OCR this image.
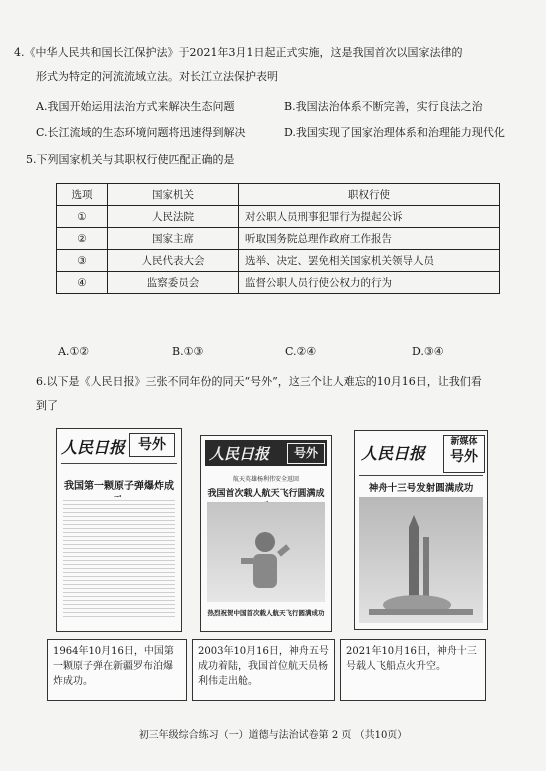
4.《中华人民共和国长江保护法》于2021年3月1日起正式实施，这是我国首次以国家法律的
形式为特定的河流流域立法。对长江立法保护表明
A.我国开始运用法治方式来解决生态问题	B.我国法治体系不断完善，实行良法之治
C.长江流域的生态环境问题将迅速得到解决	D.我国实现了国家治理体系和治理能力现代化
5.下列国家机关与其职权行使匹配正确的是
选项	国家机关	职权行使
①	人民法院	对公职人员刑事犯罪行为提起公诉
②	国家主席	听取国务院总理作政府工作报告
③	人民代表大会	选举、决定、罢免相关国家机关领导人员
④	监察委员会	监督公职人员行使公权力的行为
A.①②	B.①③	C.②④	D.③④
6.以下是《人民日报》三张不同年份的同天“号外”，这三个让人难忘的10月16日，让我们看
到了
人民日报 号外
我国第一颗原子弹爆炸成
人民日报	号外
航天英雄杨利伟安全返回
我国首次载人航天飞行圆满成
热烈祝贺中国首次载人航天飞行圆满成功
人民日报
新媒体
号外
神舟十三号发射圆满成功
1964年10月16日，中国第一颗原子弹在新疆罗布泊爆炸成功。
2003年10月16日，神舟五号成功着陆，我国首位航天员杨利伟走出舱。
2021年10月16日，神舟十三号载人飞船点火升空。
初三年级综合练习（一）道德与法治试卷第 2 页 （共10页）
